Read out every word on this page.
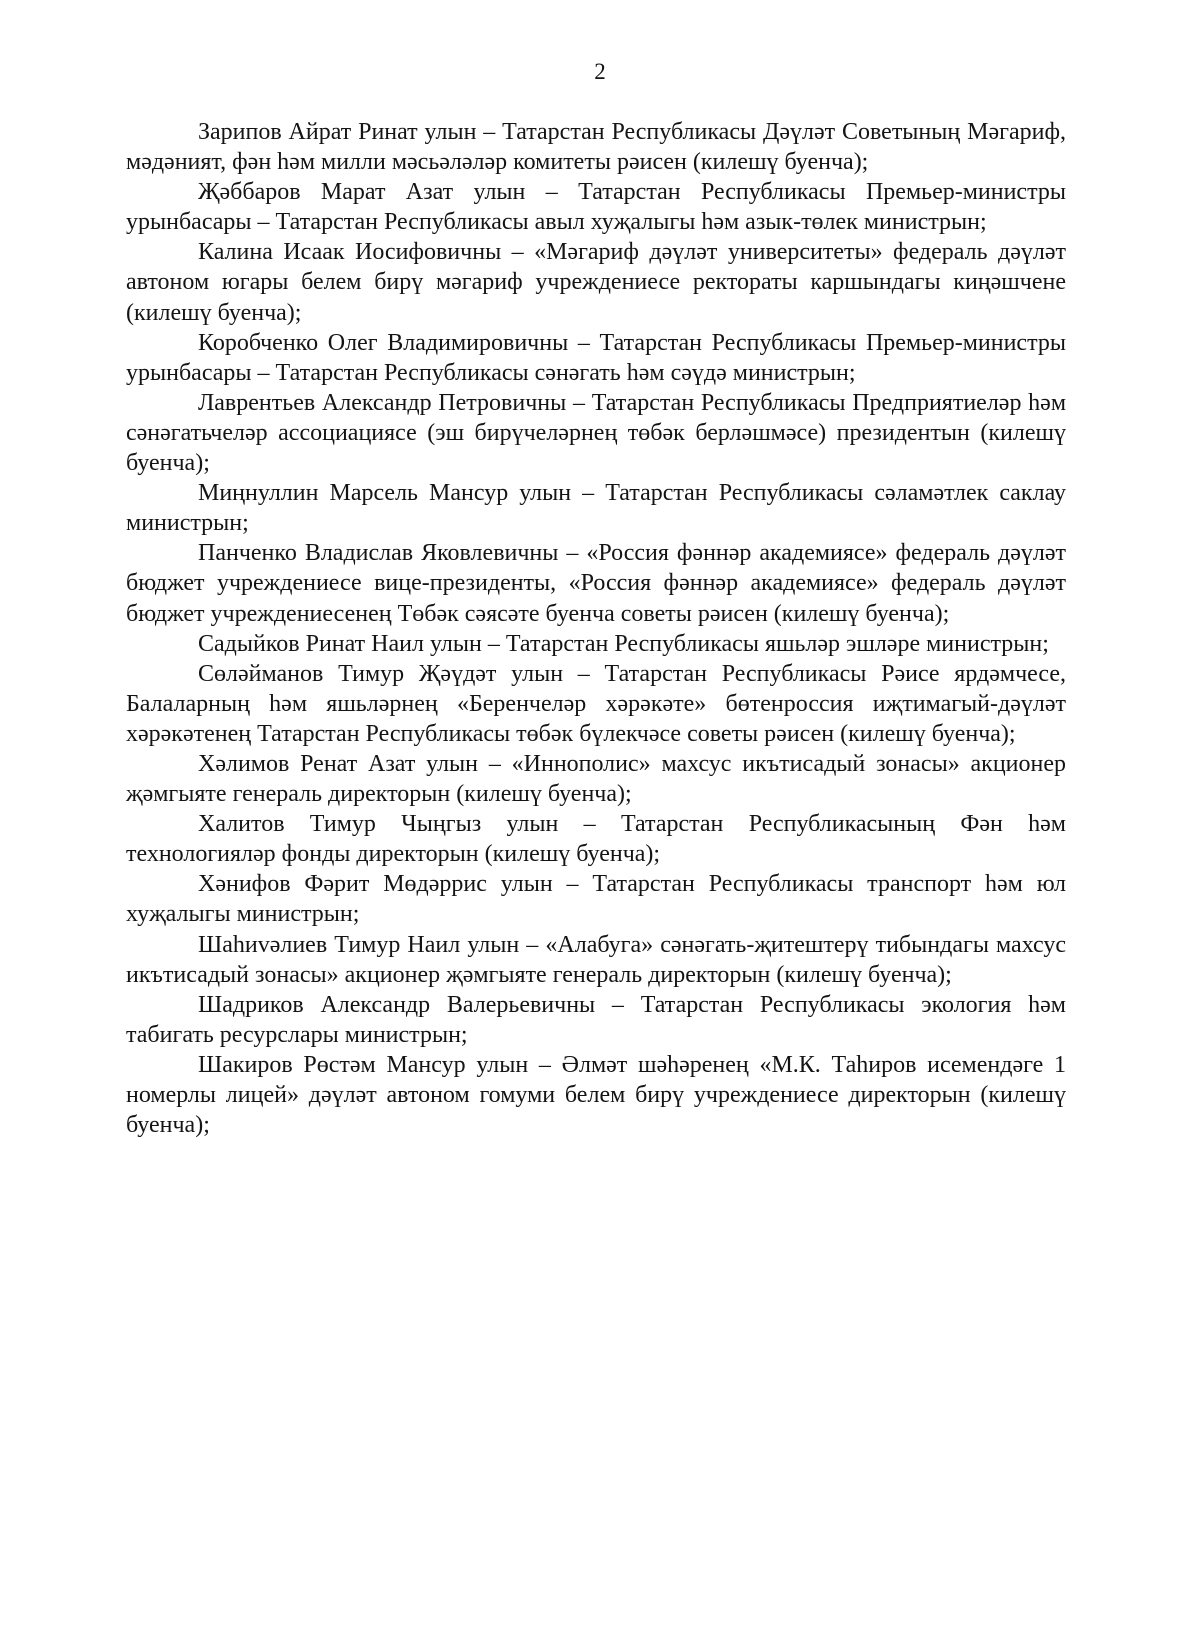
2

Зарипов Айрат Ринат улын – Татарстан Республикасы Дәүләт Советының Мәгариф, мәдәният, фән һәм милли мәсьәләләр комитеты рәисен (килешү буенча);

Җәббаров Марат Азат улын – Татарстан Республикасы Премьер-министры урынбасары – Татарстан Республикасы авыл хуҗалыгы һәм азык-төлек министрын;

Калина Исаак Иосифовичны – «Мәгариф дәүләт университеты» федераль дәүләт автоном югары белем бирү мәгариф учреждениесе ректораты каршындагы киңәшчене (килешү буенча);

Коробченко Олег Владимировичны – Татарстан Республикасы Премьер-министры урынбасары – Татарстан Республикасы сәнәгать һәм сәүдә министрын;

Лаврентьев Александр Петровичны – Татарстан Республикасы Предприятиеләр һәм сәнәгатьчеләр ассоциациясе (эш бирүчеләрнең төбәк берләшмәсе) президентын (килешү буенча);

Миңнуллин Марсель Мансур улын – Татарстан Республикасы сәламәтлек саклау министрын;

Панченко Владислав Яковлевичны – «Россия фәннәр академиясе» федераль дәүләт бюджет учреждениесе вице-президенты, «Россия фәннәр академиясе» федераль дәүләт бюджет учреждениесенең Төбәк сәясәте буенча советы рәисен (килешү буенча);

Садыйков Ринат Наил улын – Татарстан Республикасы яшьләр эшләре министрын;

Сөләйманов Тимур Җәүдәт улын – Татарстан Республикасы Рәисе ярдәмчесе, Балаларның һәм яшьләрнең «Беренчеләр хәрәкәте» бөтенроссия иҗтимагый-дәүләт хәрәкәтенең Татарстан Республикасы төбәк бүлекчәсе советы рәисен (килешү буенча);

Хәлимов Ренат Азат улын – «Иннополис» махсус икътисадый зонасы» акционер җәмгыяте генераль директорын (килешү буенча);

Халитов Тимур Чыңгыз улын – Татарстан Республикасының Фән һәм технологияләр фонды директорын (килешү буенча);

Хәнифов Фәрит Мөдәррис улын – Татарстан Республикасы транспорт һәм юл хуҗалыгы министрын;

Шаһиvәлиев Тимур Наил улын – «Алабуга» сәнәгать-җитештерү тибындагы махсус икътисадый зонасы» акционер җәмгыяте генераль директорын (килешү буенча);

Шадриков Александр Валерьевичны – Татарстан Республикасы экология һәм табигать ресурслары министрын;

Шакиров Рөстәм Мансур улын – Әлмәт шәһәренең «М.К. Таһиров исемендәге 1 номерлы лицей» дәүләт автоном гомуми белем бирү учреждениесе директорын (килешү буенча);
